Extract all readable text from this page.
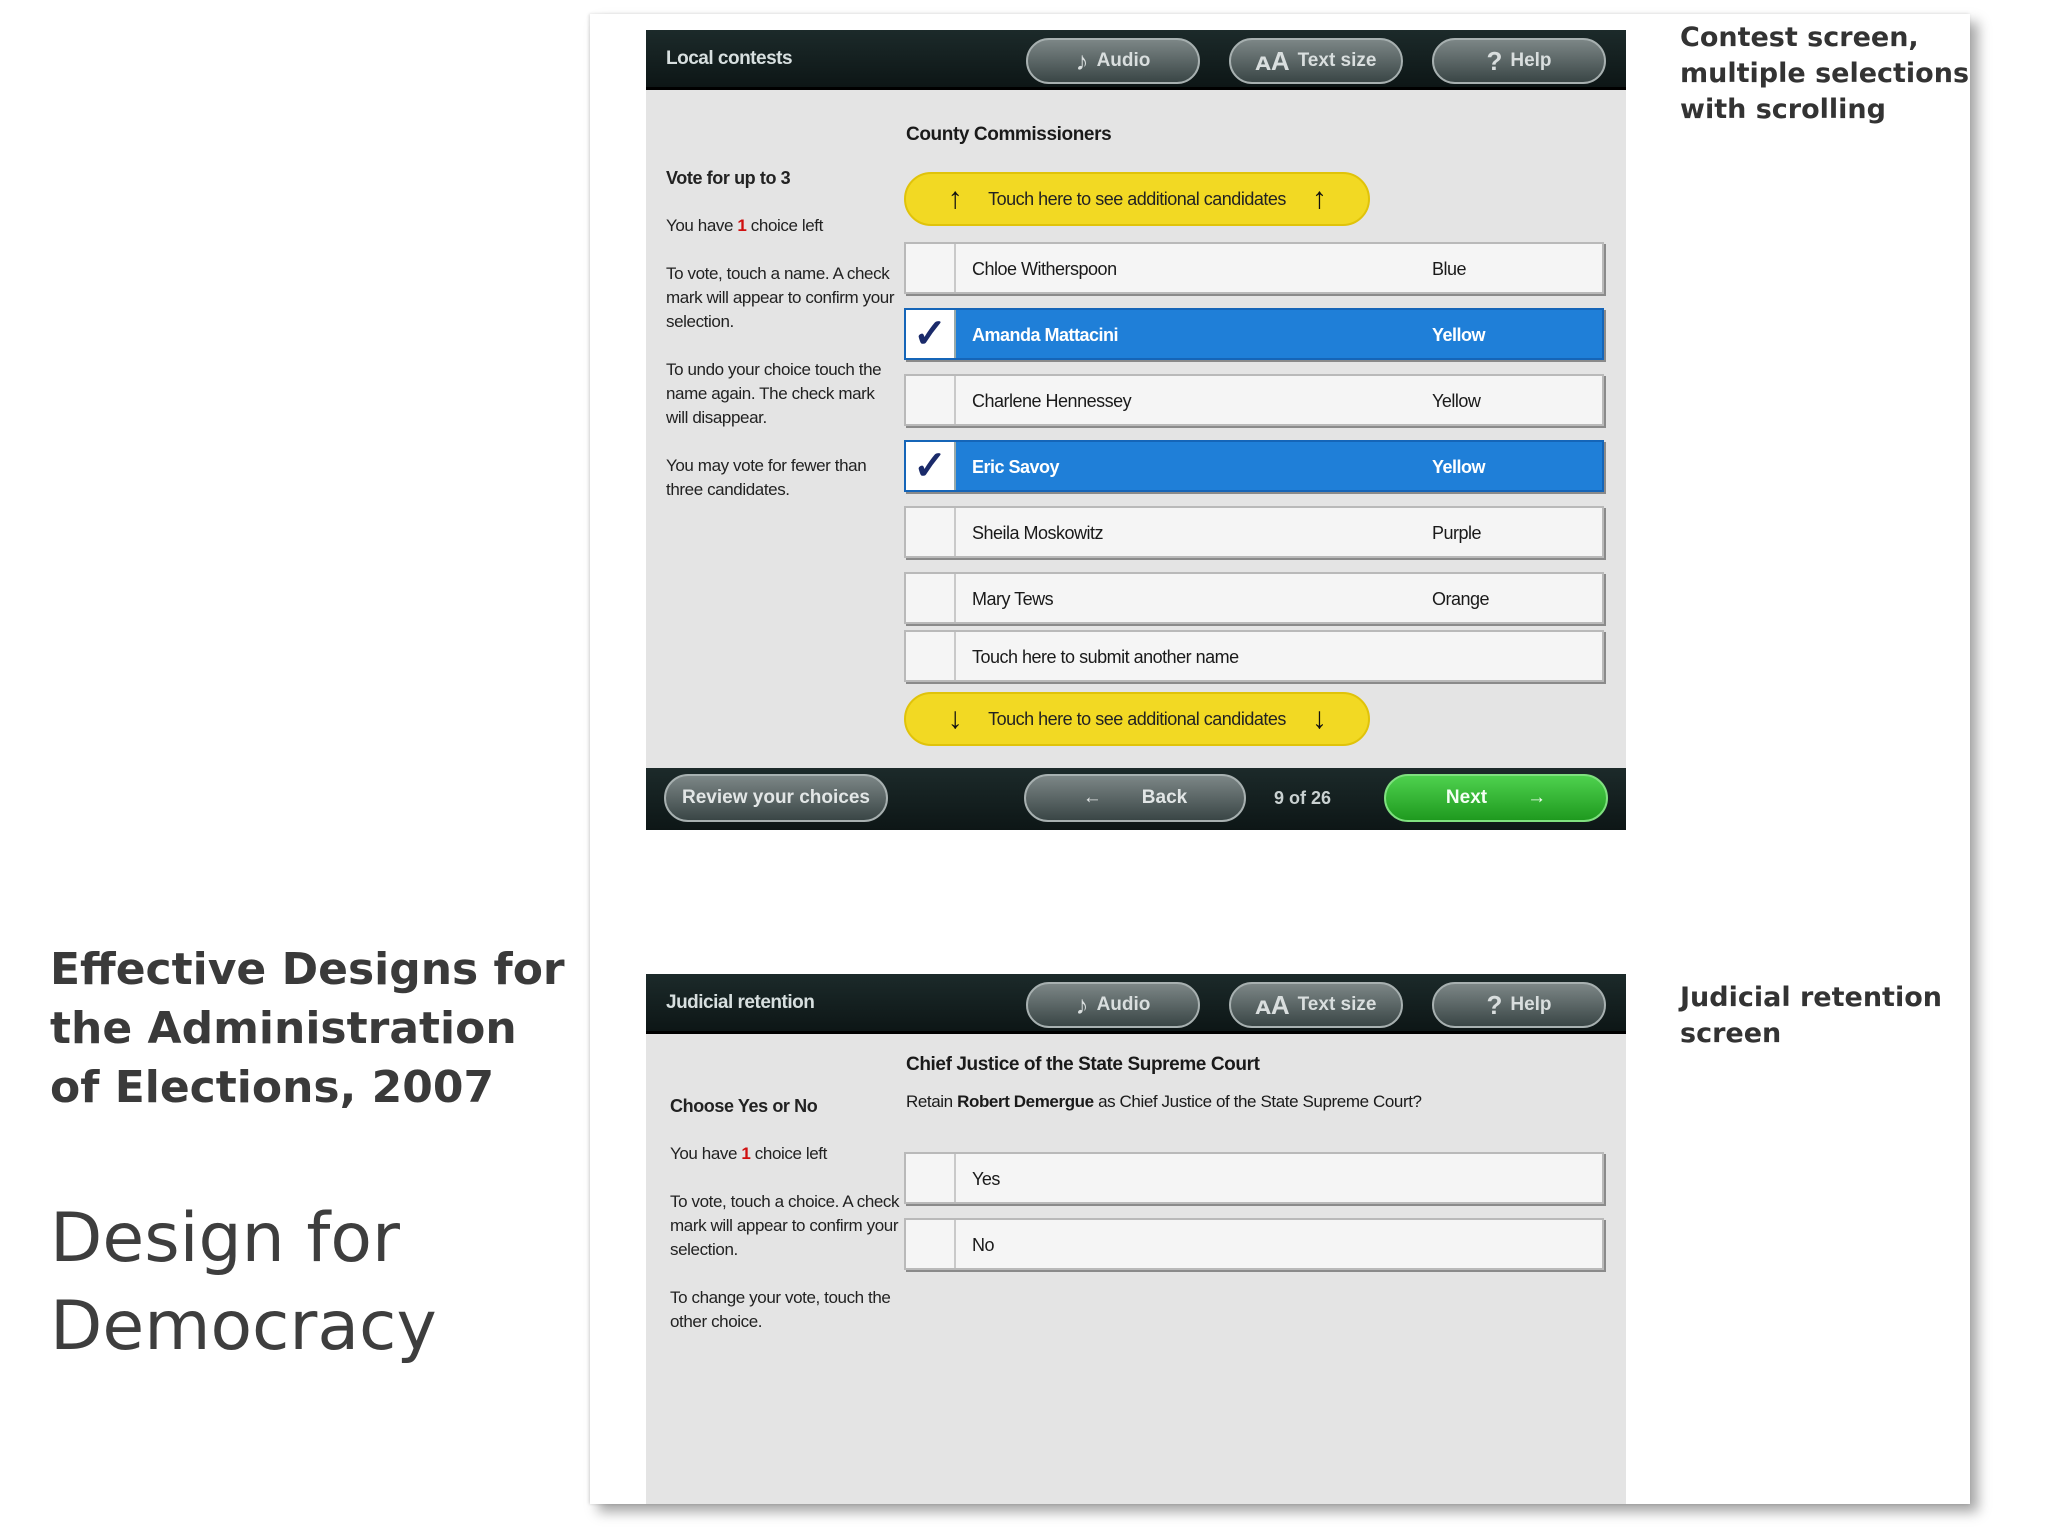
Effective Designs for the Administration of Elections, 2007
Design for Democracy
Contest screen, multiple selections with scrolling
Judicial retention screen
Local contests	♪ Audio	ᴀA Text size	? Help
County Commissioners

Vote for up to 3

You have 1 choice left

To vote, touch a name. A check mark will appear to confirm your selection.

To undo your choice touch the name again. The check mark will disappear.

You may vote for fewer than three candidates.

↑ Touch here to see additional candidates ↑
Chloe Witherspoon	Blue
✓	Amanda Mattacini	Yellow
Charlene Hennessey	Yellow
✓	Eric Savoy	Yellow
Sheila Moskowitz	Purple
Mary Tews	Orange
Touch here to submit another name
↓ Touch here to see additional candidates ↓
Review your choices	← Back	9 of 26	Next →
Judicial retention	♪ Audio	ᴀA Text size	? Help
Chief Justice of the State Supreme Court
Retain Robert Demergue as Chief Justice of the State Supreme Court?

Choose Yes or No

You have 1 choice left

To vote, touch a choice. A check mark will appear to confirm your selection.

To change your vote, touch the other choice.

Yes
No
